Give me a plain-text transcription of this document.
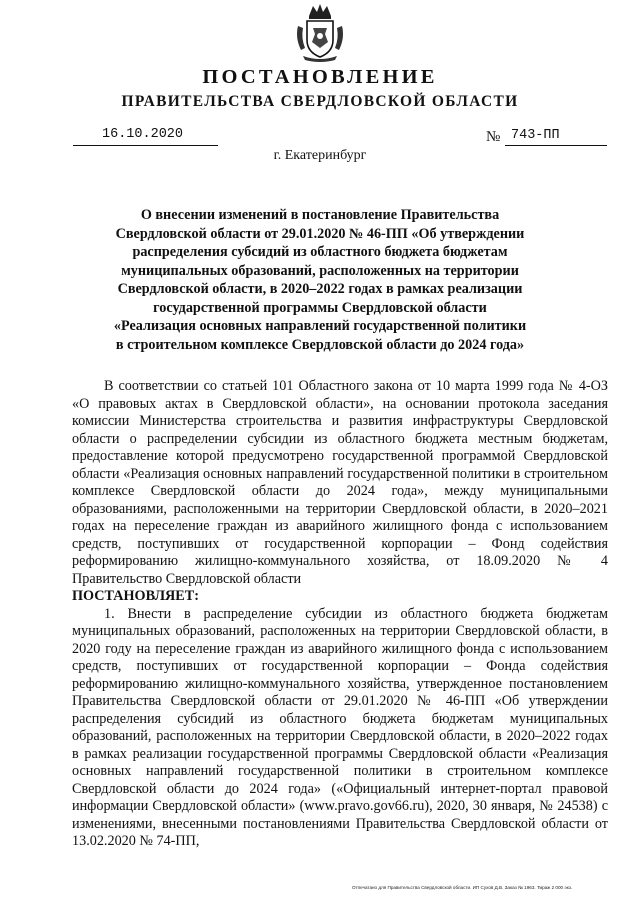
ПОСТАНОВЛЕНИЕ
ПРАВИТЕЛЬСТВА СВЕРДЛОВСКОЙ ОБЛАСТИ
16.10.2020	№ 743-ПП
г. Екатеринбург
О внесении изменений в постановление Правительства
Свердловской области от 29.01.2020 № 46-ПП «Об утверждении
распределения субсидий из областного бюджета бюджетам
муниципальных образований, расположенных на территории
Свердловской области, в 2020–2022 годах в рамках реализации
государственной программы Свердловской области
«Реализация основных направлений государственной политики
в строительном комплексе Свердловской области до 2024 года»

В соответствии со статьей 101 Областного закона от 10 марта 1999 года № 4-ОЗ «О правовых актах в Свердловской области», на основании протокола заседания комиссии Министерства строительства и развития инфраструктуры Свердловской области о распределении субсидии из областного бюджета местным бюджетам, предоставление которой предусмотрено государственной программой Свердловской области «Реализация основных направлений государственной политики в строительном комплексе Свердловской области до 2024 года», между муниципальными образованиями, расположенными на территории Свердловской области, в 2020–2021 годах на переселение граждан из аварийного жилищного фонда с использованием средств, поступивших от государственной корпорации – Фонд содействия реформированию жилищно-коммунального хозяйства, от 18.09.2020 № 4 Правительство Свердловской области

ПОСТАНОВЛЯЕТ:

1. Внести в распределение субсидии из областного бюджета бюджетам муниципальных образований, расположенных на территории Свердловской области, в 2020 году на переселение граждан из аварийного жилищного фонда с использованием средств, поступивших от государственной корпорации – Фонда содействия реформированию жилищно-коммунального хозяйства, утвержденное постановлением Правительства Свердловской области от 29.01.2020 № 46-ПП «Об утверждении распределения субсидий из областного бюджета бюджетам муниципальных образований, расположенных на территории Свердловской области, в 2020–2022 годах в рамках реализации государственной программы Свердловской области «Реализация основных направлений государственной политики в строительном комплексе Свердловской области до 2024 года» («Официальный интернет-портал правовой информации Свердловской области» (www.pravo.gov66.ru), 2020, 30 января, № 24538) с изменениями, внесенными постановлениями Правительства Свердловской области от 13.02.2020 № 74-ПП,

Отпечатано для Правительства Свердловской области. ИП Сухов Д.В. Заказ № 1963. Тираж 2 000 экз.
